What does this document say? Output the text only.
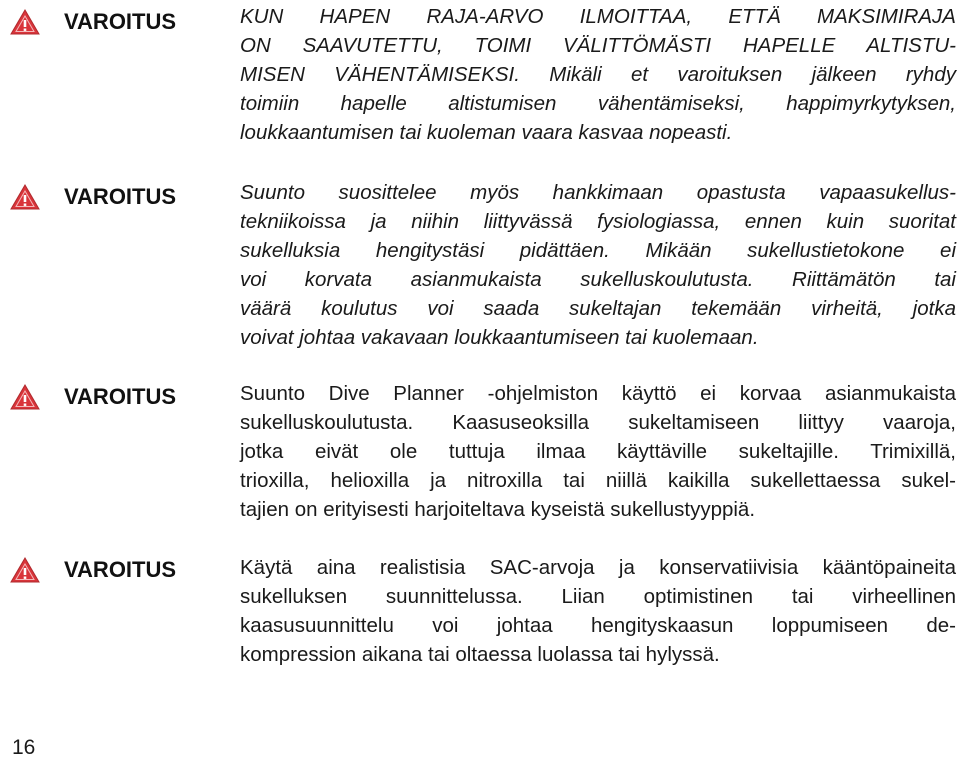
VAROITUS	KUN HAPEN RAJA-ARVO ILMOITTAA, ETTÄ MAKSIMIRAJA
ON SAAVUTETTU, TOIMI VÄLITTÖMÄSTI HAPELLE ALTISTU-
MISEN VÄHENTÄMISEKSI. Mikäli et varoituksen jälkeen ryhdy
toimiin hapelle altistumisen vähentämiseksi, happimyrkytyksen,
loukkaantumisen tai kuoleman vaara kasvaa nopeasti.
VAROITUS	Suunto suosittelee myös hankkimaan opastusta vapaasukellus-
tekniikoissa ja niihin liittyvässä fysiologiassa, ennen kuin suoritat
sukelluksia hengitystäsi pidättäen. Mikään sukellustietokone ei
voi korvata asianmukaista sukelluskoulutusta. Riittämätön tai
väärä koulutus voi saada sukeltajan tekemään virheitä, jotka
voivat johtaa vakavaan loukkaantumiseen tai kuolemaan.
VAROITUS	Suunto Dive Planner -ohjelmiston käyttö ei korvaa asianmukaista
sukelluskoulutusta. Kaasuseoksilla sukeltamiseen liittyy vaaroja,
jotka eivät ole tuttuja ilmaa käyttäville sukeltajille. Trimixillä,
trioxilla, helioxilla ja nitroxilla tai niillä kaikilla sukellettaessa sukel-
tajien on erityisesti harjoiteltava kyseistä sukellustyyppiä.
VAROITUS	Käytä aina realistisia SAC-arvoja ja konservatiivisia kääntöpaineita
sukelluksen suunnittelussa. Liian optimistinen tai virheellinen
kaasusuunnittelu voi johtaa hengityskaasun loppumiseen de-
kompression aikana tai oltaessa luolassa tai hylyssä.
16
